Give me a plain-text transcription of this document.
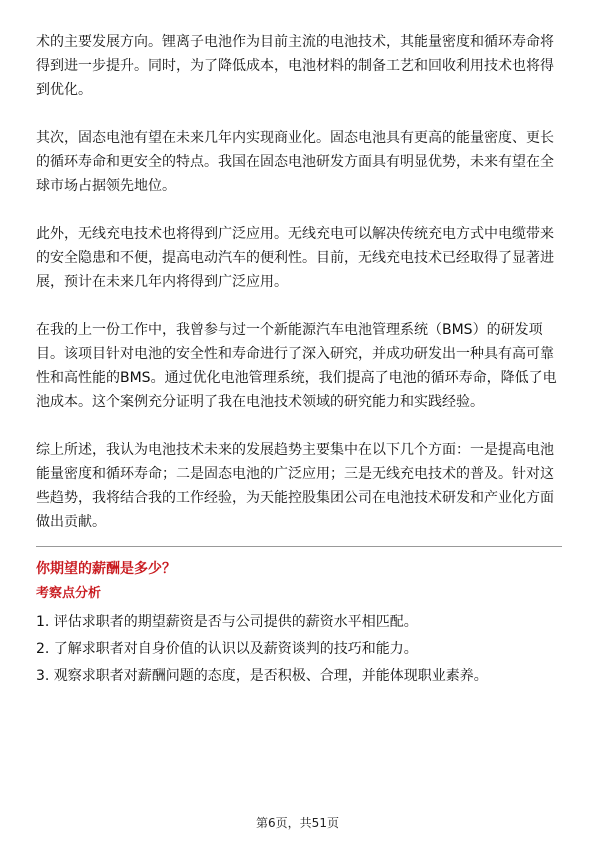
术的主要发展方向。锂离子电池作为目前主流的电池技术，其能量密度和循环寿命将得到进一步提升。同时，为了降低成本，电池材料的制备工艺和回收利用技术也将得到优化。

其次，固态电池有望在未来几年内实现商业化。固态电池具有更高的能量密度、更长的循环寿命和更安全的特点。我国在固态电池研发方面具有明显优势，未来有望在全球市场占据领先地位。

此外，无线充电技术也将得到广泛应用。无线充电可以解决传统充电方式中电缆带来的安全隐患和不便，提高电动汽车的便利性。目前，无线充电技术已经取得了显著进展，预计在未来几年内将得到广泛应用。

在我的上一份工作中，我曾参与过一个新能源汽车电池管理系统（BMS）的研发项目。该项目针对电池的安全性和寿命进行了深入研究，并成功研发出一种具有高可靠性和高性能的BMS。通过优化电池管理系统，我们提高了电池的循环寿命，降低了电池成本。这个案例充分证明了我在电池技术领域的研究能力和实践经验。

综上所述，我认为电池技术未来的发展趋势主要集中在以下几个方面：一是提高电池能量密度和循环寿命；二是固态电池的广泛应用；三是无线充电技术的普及。针对这些趋势，我将结合我的工作经验，为天能控股集团公司在电池技术研发和产业化方面做出贡献。

你期望的薪酬是多少？
考察点分析
1. 评估求职者的期望薪资是否与公司提供的薪资水平相匹配。
2. 了解求职者对自身价值的认识以及薪资谈判的技巧和能力。
3. 观察求职者对薪酬问题的态度，是否积极、合理，并能体现职业素养。
第6页，共51页
